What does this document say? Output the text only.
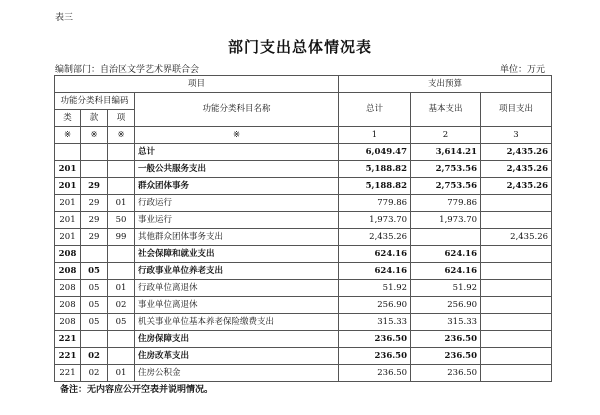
表三
部门支出总体情况表
编制部门：自治区文学艺术界联合会	单位：万元
项目				支出预算		
功能分类科目编码			功能分类科目名称	总计	基本支出	项目支出
类	款	项				
※	※	※	※	1	2	3
			总计	6,049.47	3,614.21	2,435.26
201			一般公共服务支出	5,188.82	2,753.56	2,435.26
201	29		群众团体事务	5,188.82	2,753.56	2,435.26
201	29	01	行政运行	779.86	779.86	
201	29	50	事业运行	1,973.70	1,973.70	
201	29	99	其他群众团体事务支出	2,435.26		2,435.26
208			社会保障和就业支出	624.16	624.16	
208	05		行政事业单位养老支出	624.16	624.16	
208	05	01	行政单位离退休	51.92	51.92	
208	05	02	事业单位离退休	256.90	256.90	
208	05	05	机关事业单位基本养老保险缴费支出	315.33	315.33	
221			住房保障支出	236.50	236.50	
221	02		住房改革支出	236.50	236.50	
221	02	01	住房公积金	236.50	236.50	
备注：无内容应公开空表并说明情况。
